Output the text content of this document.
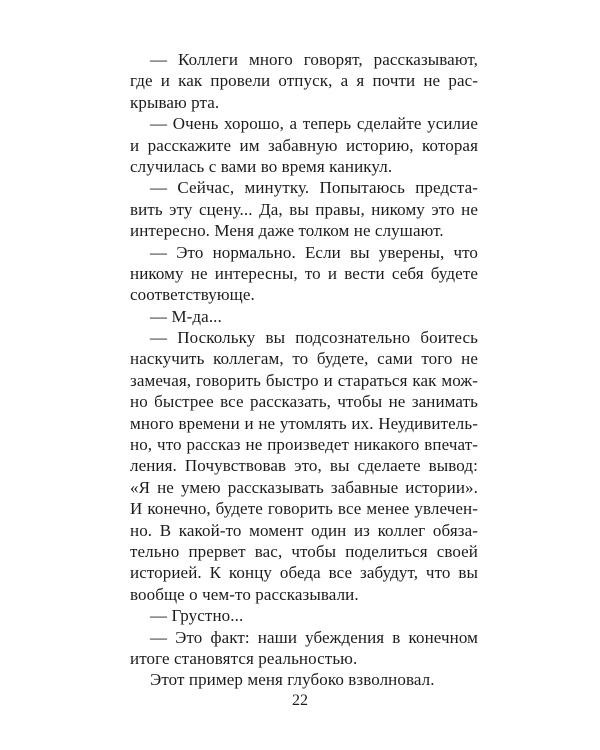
— Коллеги много говорят, рассказывают,
где и как провели отпуск, а я почти не рас-
крываю рта.
— Очень хорошо, а теперь сделайте усилие
и расскажите им забавную историю, которая
случилась с вами во время каникул.
— Сейчас, минутку. Попытаюсь предста-
вить эту сцену... Да, вы правы, никому это не
интересно. Меня даже толком не слушают.
— Это нормально. Если вы уверены, что
никому не интересны, то и вести себя будете
соответствующе.
— М-да...
— Поскольку вы подсознательно боитесь
наскучить коллегам, то будете, сами того не
замечая, говорить быстро и стараться как мож-
но быстрее все рассказать, чтобы не занимать
много времени и не утомлять их. Неудивитель-
но, что рассказ не произведет никакого впечат-
ления. Почувствовав это, вы сделаете вывод:
«Я не умею рассказывать забавные истории».
И конечно, будете говорить все менее увлечен-
но. В какой-то момент один из коллег обяза-
тельно прервет вас, чтобы поделиться своей
историей. К концу обеда все забудут, что вы
вообще о чем-то рассказывали.
— Грустно...
— Это факт: наши убеждения в конечном
итоге становятся реальностью.
Этот пример меня глубоко взволновал.
22
